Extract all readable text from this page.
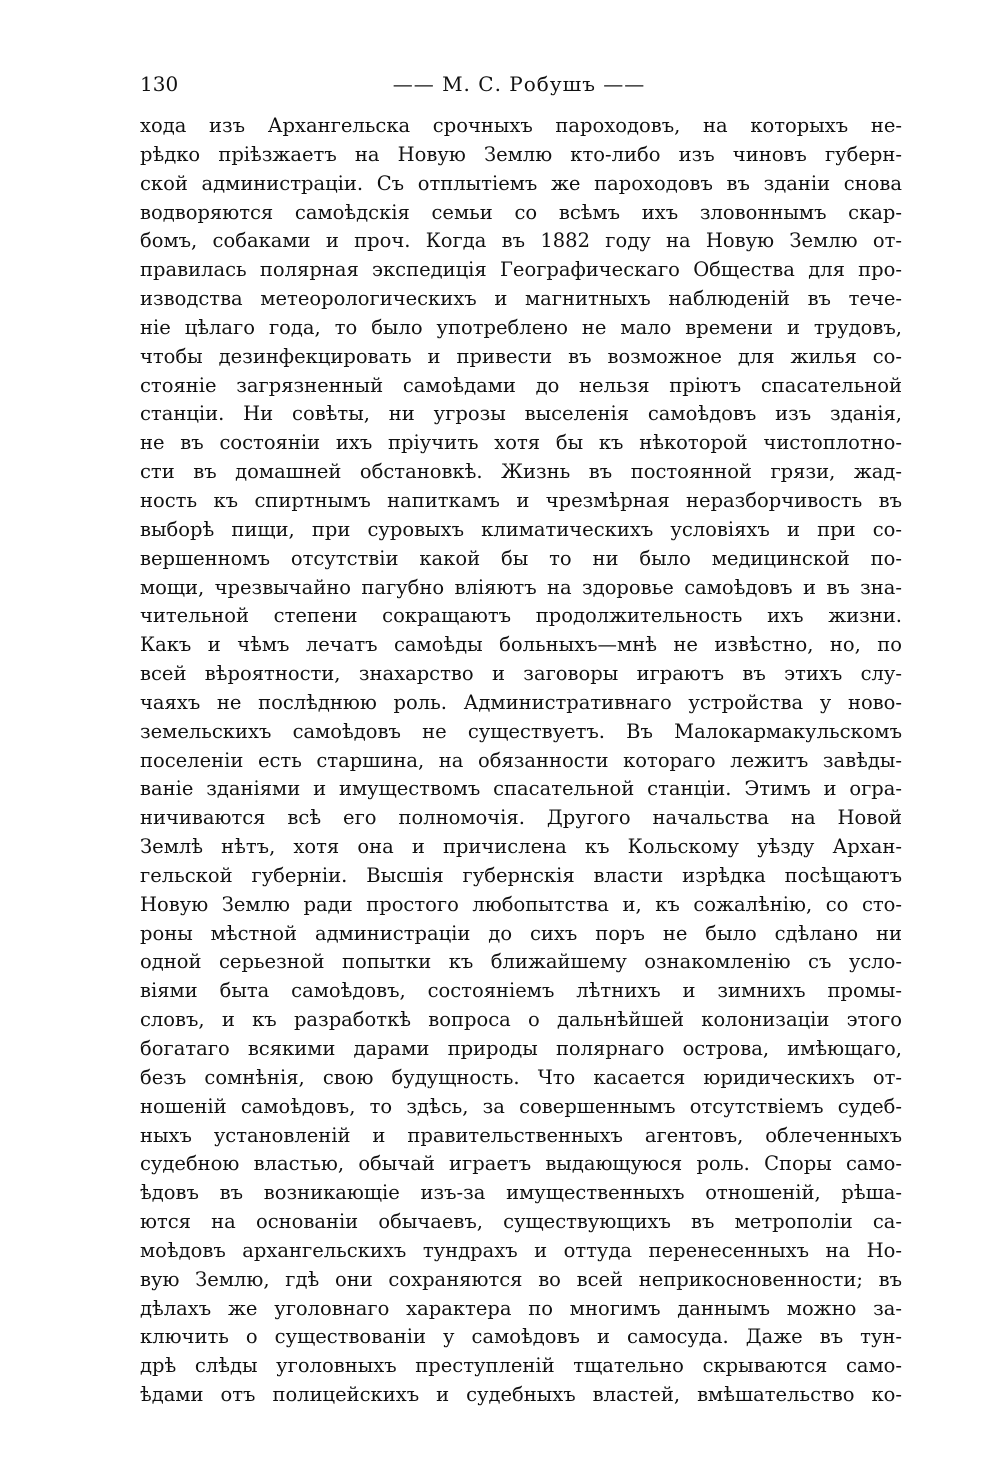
130	—— М. С. Робушъ ——
хода изъ Архангельска срочныхъ пароходовъ, на которыхъ не-
рѣдко пріѣзжаетъ на Новую Землю кто-либо изъ чиновъ губерн-
ской администраціи. Съ отплытіемъ же пароходовъ въ зданіи снова
водворяются самоѣдскія семьи со всѣмъ ихъ зловоннымъ скар-
бомъ, собаками и проч. Когда въ 1882 году на Новую Землю от-
правилась полярная экспедиція Географическаго Общества для про-
изводства метеорологическихъ и магнитныхъ наблюденій въ тече-
ніе цѣлаго года, то было употреблено не мало времени и трудовъ,
чтобы дезинфекцировать и привести въ возможное для жилья со-
стояніе загрязненный самоѣдами до нельзя пріютъ спасательной
станціи. Ни совѣты, ни угрозы выселенія самоѣдовъ изъ зданія,
не въ состояніи ихъ пріучить хотя бы къ нѣкоторой чистоплотно-
сти въ домашней обстановкѣ. Жизнь въ постоянной грязи, жад-
ность къ спиртнымъ напиткамъ и чрезмѣрная неразборчивость въ
выборѣ пищи, при суровыхъ климатическихъ условіяхъ и при со-
вершенномъ отсутствіи какой бы то ни было медицинской по-
мощи, чрезвычайно пагубно вліяютъ на здоровье самоѣдовъ и въ зна-
чительной степени сокращаютъ продолжительность ихъ жизни.
Какъ и чѣмъ лечатъ самоѣды больныхъ—мнѣ не извѣстно, но, по
всей вѣроятности, знахарство и заговоры играютъ въ этихъ слу-
чаяхъ не послѣднюю роль. Административнаго устройства у ново-
земельскихъ самоѣдовъ не существуетъ. Въ Малокармакульскомъ
поселеніи есть старшина, на обязанности котораго лежитъ завѣды-
ваніе зданіями и имуществомъ спасательной станціи. Этимъ и огра-
ничиваются всѣ его полномочія. Другого начальства на Новой
Землѣ нѣтъ, хотя она и причислена къ Кольскому уѣзду Архан-
гельской губерніи. Высшія губернскія власти изрѣдка посѣщаютъ
Новую Землю ради простого любопытства и, къ сожалѣнію, со сто-
роны мѣстной администраціи до сихъ поръ не было сдѣлано ни
одной серьезной попытки къ ближайшему ознакомленію съ усло-
віями быта самоѣдовъ, состояніемъ лѣтнихъ и зимнихъ промы-
словъ, и къ разработкѣ вопроса о дальнѣйшей колонизаціи этого
богатаго всякими дарами природы полярнаго острова, имѣющаго,
безъ сомнѣнія, свою будущность. Что касается юридическихъ от-
ношеній самоѣдовъ, то здѣсь, за совершеннымъ отсутствіемъ судеб-
ныхъ установленій и правительственныхъ агентовъ, облеченныхъ
судебною властью, обычай играетъ выдающуюся роль. Споры само-
ѣдовъ въ возникающіе изъ-за имущественныхъ отношеній, рѣша-
ются на основаніи обычаевъ, существующихъ въ метрополіи са-
моѣдовъ архангельскихъ тундрахъ и оттуда перенесенныхъ на Но-
вую Землю, гдѣ они сохраняются во всей неприкосновенности; въ
дѣлахъ же уголовнаго характера по многимъ даннымъ можно за-
ключить о существованіи у самоѣдовъ и самосуда. Даже въ тун-
дрѣ слѣды уголовныхъ преступленій тщательно скрываются само-
ѣдами отъ полицейскихъ и судебныхъ властей, вмѣшательство ко-
